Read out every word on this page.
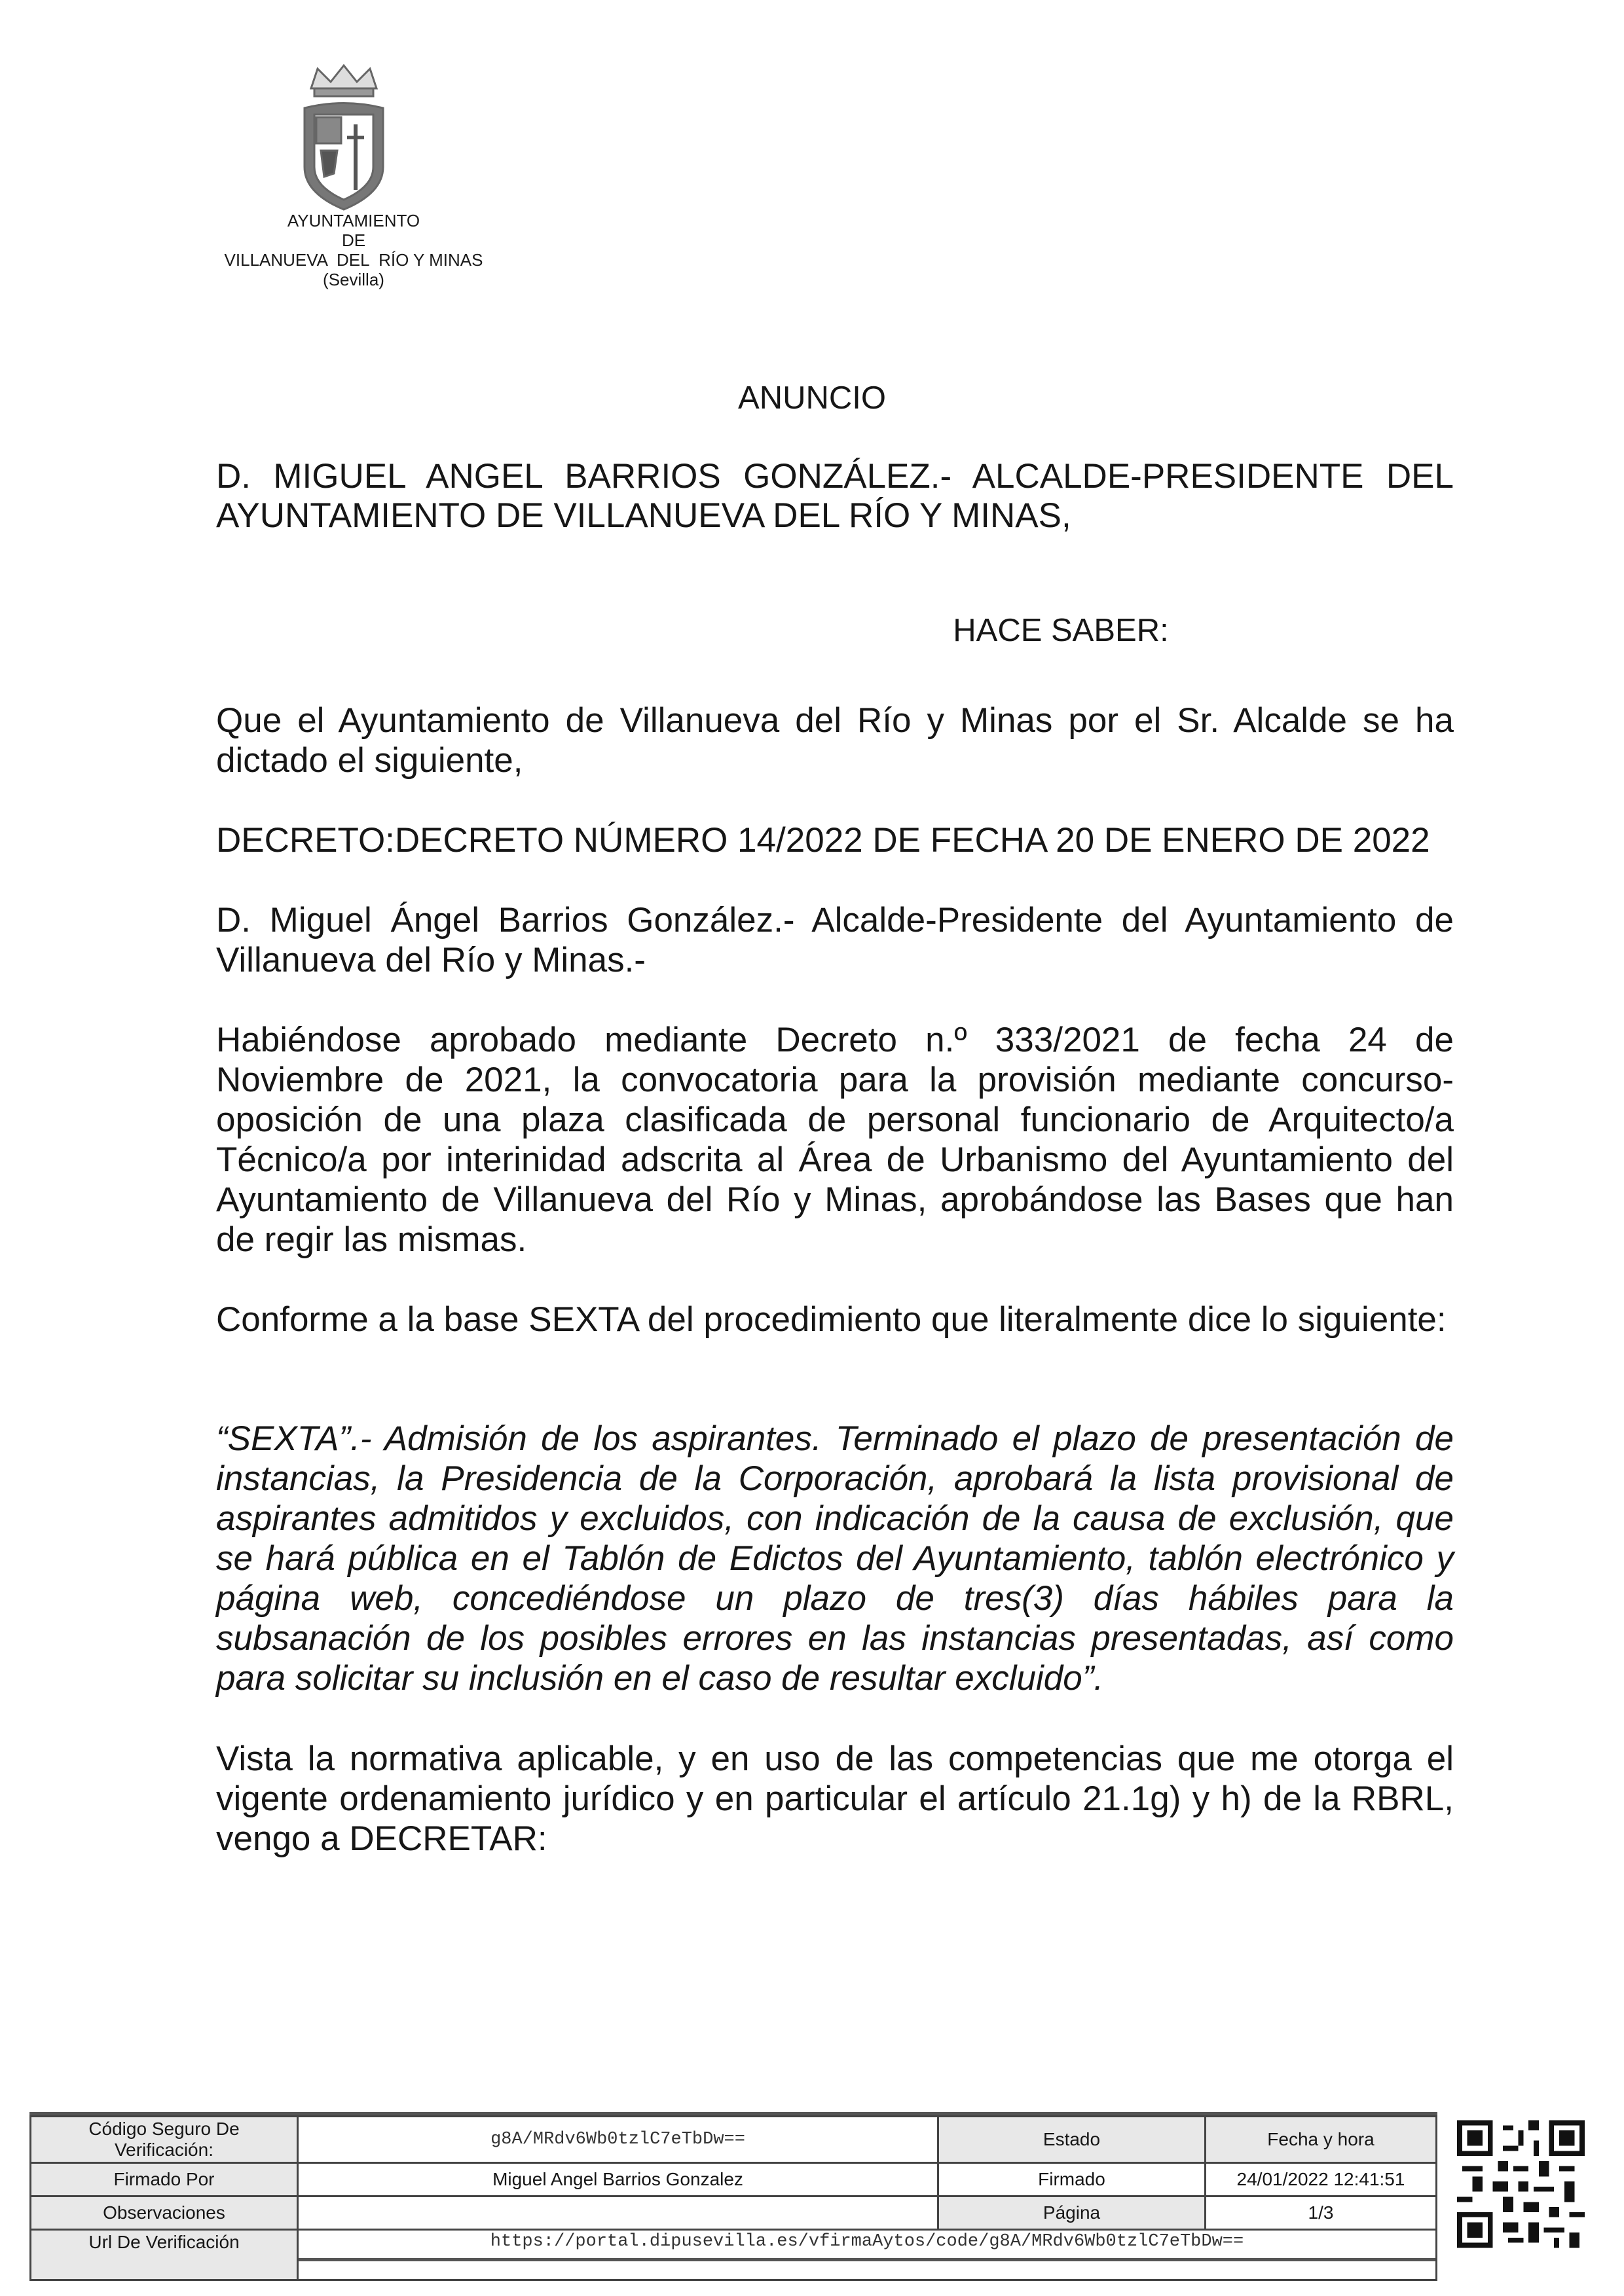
AYUNTAMIENTO
DE
VILLANUEVA  DEL  RÍO Y MINAS
(Sevilla)
ANUNCIO
D. MIGUEL ANGEL BARRIOS GONZÁLEZ.- ALCALDE-PRESIDENTE DEL AYUNTAMIENTO DE VILLANUEVA DEL RÍO Y MINAS,
HACE SABER:
Que el Ayuntamiento de Villanueva del Río y Minas por el Sr. Alcalde se ha dictado el siguiente,
DECRETO:DECRETO NÚMERO 14/2022 DE FECHA 20 DE ENERO DE 2022
D. Miguel Ángel Barrios González.- Alcalde-Presidente del Ayuntamiento de Villanueva del Río y Minas.-
Habiéndose aprobado mediante Decreto n.º 333/2021 de fecha 24 de Noviembre de 2021, la convocatoria para la provisión mediante concurso-oposición de una plaza clasificada de personal funcionario de Arquitecto/a Técnico/a por interinidad adscrita al Área de Urbanismo del Ayuntamiento del Ayuntamiento de Villanueva del Río y Minas, aprobándose las Bases que han de regir las mismas.
Conforme a la base SEXTA del procedimiento que literalmente dice lo siguiente:
“SEXTA”.- Admisión de los aspirantes. Terminado el plazo de presentación de instancias, la Presidencia de la Corporación, aprobará la lista provisional de aspirantes admitidos y excluidos, con indicación de la causa de exclusión, que se hará pública en el Tablón de Edictos del Ayuntamiento, tablón electrónico y página web, concediéndose un plazo de tres(3) días hábiles para la subsanación de los posibles errores en las instancias presentadas, así como para solicitar su inclusión en el caso de resultar excluido”.
Vista la normativa aplicable, y en uso de las competencias que me otorga el vigente ordenamiento jurídico y en particular el artículo 21.1g) y h) de la RBRL, vengo a DECRETAR:
Código Seguro De Verificación:	g8A/MRdv6Wb0tzlC7eTbDw==	Estado	Fecha y hora
Firmado Por	Miguel Angel Barrios Gonzalez	Firmado	24/01/2022 12:41:51
Observaciones		Página	1/3
Url De Verificación	https://portal.dipusevilla.es/vfirmaAytos/code/g8A/MRdv6Wb0tzlC7eTbDw==		
